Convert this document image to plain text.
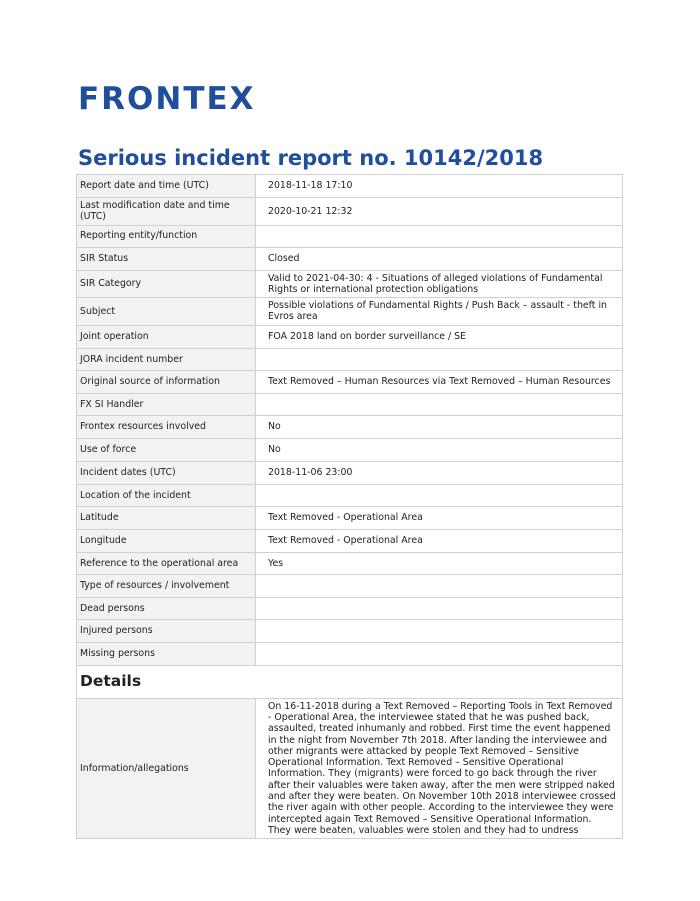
FRONTEX
Serious incident report no. 10142/2018
Report date and time (UTC)	2018-11-18 17:10
Last modification date and time (UTC)	2020-10-21 12:32
Reporting entity/function	
SIR Status	Closed
SIR Category	Valid to 2021-04-30: 4 - Situations of alleged violations of Fundamental Rights or international protection obligations
Subject	Possible violations of Fundamental Rights / Push Back – assault - theft in Evros area
Joint operation	FOA 2018 land on border surveillance / SE
JORA incident number	
Original source of information	Text Removed – Human Resources via Text Removed – Human Resources
FX SI Handler	
Frontex resources involved	No
Use of force	No
Incident dates (UTC)	2018-11-06 23:00
Location of the incident	
Latitude	Text Removed - Operational Area
Longitude	Text Removed - Operational Area
Reference to the operational area	Yes
Type of resources / involvement	
Dead persons	
Injured persons	
Missing persons	
Details	
Information/allegations	On 16-11-2018 during a Text Removed – Reporting Tools in Text Removed - Operational Area, the interviewee stated that he was pushed back, assaulted, treated inhumanly and robbed. First time the event happened in the night from November 7th 2018. After landing the interviewee and other migrants were attacked by people Text Removed – Sensitive Operational Information. Text Removed – Sensitive Operational Information. They (migrants) were forced to go back through the river after their valuables were taken away, after the men were stripped naked and after they were beaten. On November 10th 2018 interviewee crossed the river again with other people. According to the interviewee they were intercepted again Text Removed – Sensitive Operational Information. They were beaten, valuables were stolen and they had to undress
